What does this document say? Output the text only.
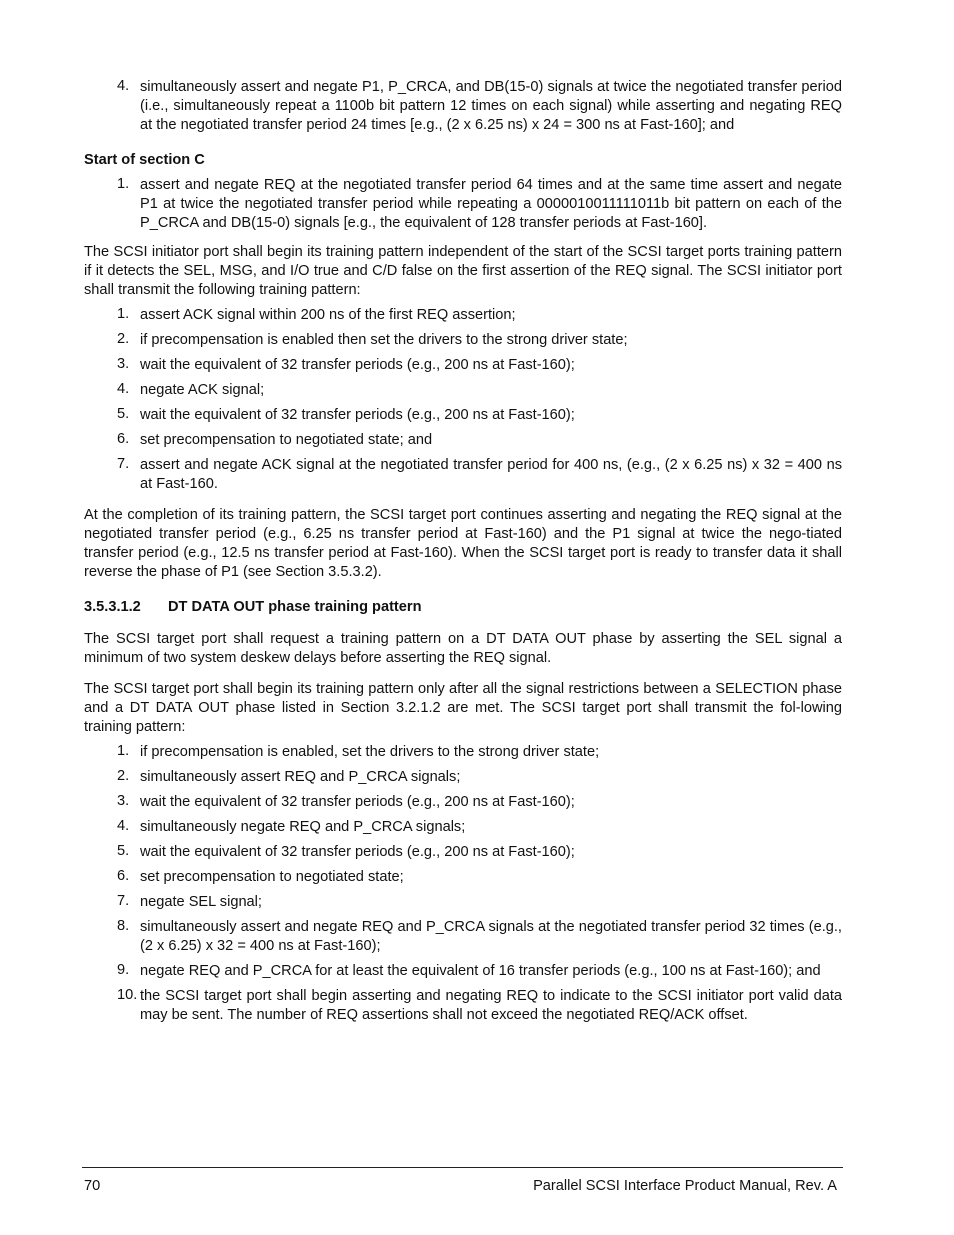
4. simultaneously assert and negate P1, P_CRCA, and DB(15-0) signals at twice the negotiated transfer period (i.e., simultaneously repeat a 1100b bit pattern 12 times on each signal) while asserting and negating REQ at the negotiated transfer period 24 times [e.g., (2 x 6.25 ns) x 24 = 300 ns at Fast-160]; and

Start of section C

1. assert and negate REQ at the negotiated transfer period 64 times and at the same time assert and negate P1 at twice the negotiated transfer period while repeating a 0000010011111011b bit pattern on each of the P_CRCA and DB(15-0) signals [e.g., the equivalent of 128 transfer periods at Fast-160].

The SCSI initiator port shall begin its training pattern independent of the start of the SCSI target ports training pattern if it detects the SEL, MSG, and I/O true and C/D false on the first assertion of the REQ signal. The SCSI initiator port shall transmit the following training pattern:

1. assert ACK signal within 200 ns of the first REQ assertion;
2. if precompensation is enabled then set the drivers to the strong driver state;
3. wait the equivalent of 32 transfer periods (e.g., 200 ns at Fast-160);
4. negate ACK signal;
5. wait the equivalent of 32 transfer periods (e.g., 200 ns at Fast-160);
6. set precompensation to negotiated state; and
7. assert and negate ACK signal at the negotiated transfer period for 400 ns, (e.g., (2 x 6.25 ns) x 32 = 400 ns at Fast-160.

At the completion of its training pattern, the SCSI target port continues asserting and negating the REQ signal at the negotiated transfer period (e.g., 6.25 ns transfer period at Fast-160) and the P1 signal at twice the nego-tiated transfer period (e.g., 12.5 ns transfer period at Fast-160). When the SCSI target port is ready to transfer data it shall reverse the phase of P1 (see Section 3.5.3.2).

3.5.3.1.2 DT DATA OUT phase training pattern

The SCSI target port shall request a training pattern on a DT DATA OUT phase by asserting the SEL signal a minimum of two system deskew delays before asserting the REQ signal.

The SCSI target port shall begin its training pattern only after all the signal restrictions between a SELECTION phase and a DT DATA OUT phase listed in Section 3.2.1.2 are met. The SCSI target port shall transmit the fol-lowing training pattern:

1. if precompensation is enabled, set the drivers to the strong driver state;
2. simultaneously assert REQ and P_CRCA signals;
3. wait the equivalent of 32 transfer periods (e.g., 200 ns at Fast-160);
4. simultaneously negate REQ and P_CRCA signals;
5. wait the equivalent of 32 transfer periods (e.g., 200 ns at Fast-160);
6. set precompensation to negotiated state;
7. negate SEL signal;
8. simultaneously assert and negate REQ and P_CRCA signals at the negotiated transfer period 32 times (e.g., (2 x 6.25) x 32 = 400 ns at Fast-160);
9. negate REQ and P_CRCA for at least the equivalent of 16 transfer periods (e.g., 100 ns at Fast-160); and
10. the SCSI target port shall begin asserting and negating REQ to indicate to the SCSI initiator port valid data may be sent. The number of REQ assertions shall not exceed the negotiated REQ/ACK offset.
70	Parallel SCSI Interface Product Manual, Rev. A
